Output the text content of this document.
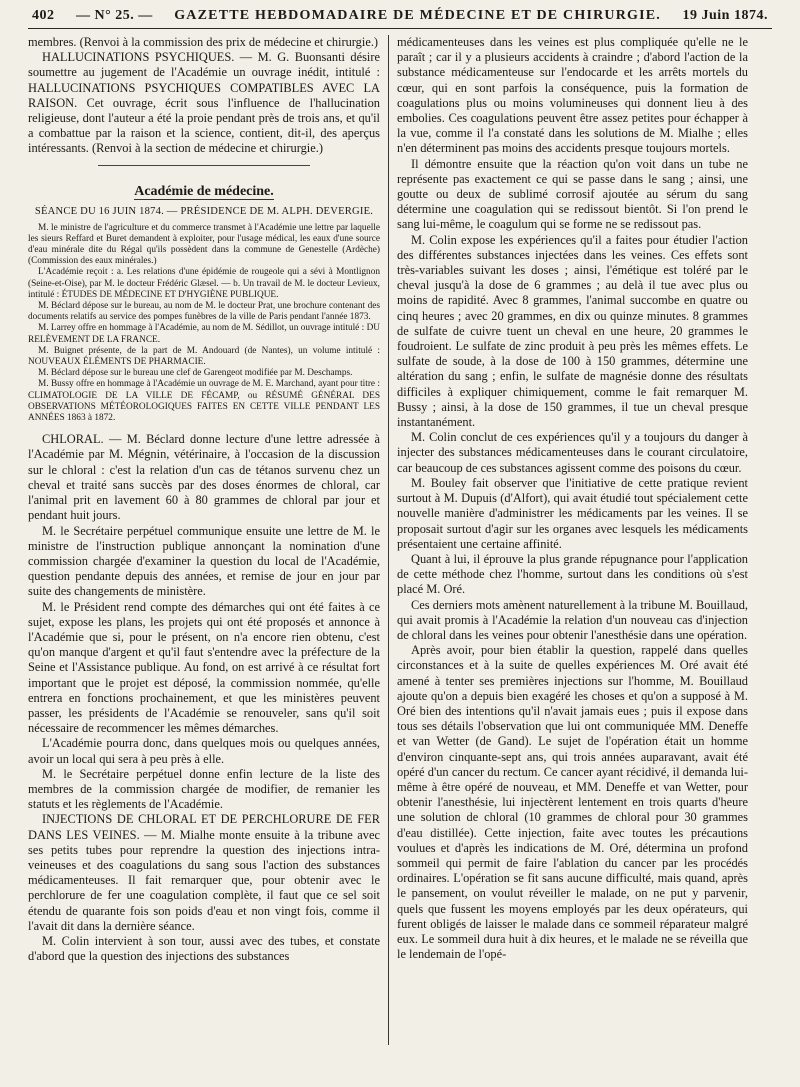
402 — N° 25. — GAZETTE HEBDOMADAIRE DE MÉDECINE ET DE CHIRURGIE. 19 Juin 1874.

membres. (Renvoi à la commission des prix de médecine et chirurgie.)

HALLUCINATIONS PSYCHIQUES. — M. G. Buonsanti désire soumettre au jugement de l'Académie un ouvrage inédit, intitulé : HALLUCINATIONS PSYCHIQUES COMPATIBLES AVEC LA RAISON. Cet ouvrage, écrit sous l'influence de l'hallucination religieuse, dont l'auteur a été la proie pendant près de trois ans, et qu'il a combattue par la raison et la science, contient, dit-il, des aperçus intéressants. (Renvoi à la section de médecine et chirurgie.)

Académie de médecine.
SÉANCE DU 16 JUIN 1874. — PRÉSIDENCE DE M. ALPH. DEVERGIE.

M. le ministre de l'agriculture et du commerce transmet à l'Académie une lettre par laquelle les sieurs Reffard et Buret demandent à exploiter, pour l'usage médical, les eaux d'une source d'eau minérale dite du Régal qu'ils possèdent dans la commune de Genestelle (Ardèche) (Commission des eaux minérales.)

L'Académie reçoit : a. Les relations d'une épidémie de rougeole qui a sévi à Montlignon (Seine-et-Oise), par M. le docteur Frédéric Glæsel. — b. Un travail de M. le docteur Levieux, intitulé : ÉTUDES DE MÉDECINE ET D'HYGIÈNE PUBLIQUE.

M. Béclard dépose sur le bureau, au nom de M. le docteur Prat, une brochure contenant des documents relatifs au service des pompes funèbres de la ville de Paris pendant l'année 1873.

M. Larrey offre en hommage à l'Académie, au nom de M. Sédillot, un ouvrage intitulé : DU RELÈVEMENT DE LA FRANCE.

M. Buignet présente, de la part de M. Andouard (de Nantes), un volume intitulé : NOUVEAUX ÉLÉMENTS DE PHARMACIE.

M. Béclard dépose sur le bureau une clef de Garengeot modifiée par M. Deschamps.

M. Bussy offre en hommage à l'Académie un ouvrage de M. E. Marchand, ayant pour titre : CLIMATOLOGIE DE LA VILLE DE FÉCAMP, ou RÉSUMÉ GÉNÉRAL DES OBSERVATIONS MÉTÉOROLOGIQUES FAITES EN CETTE VILLE PENDANT LES ANNÉES 1863 à 1872.

CHLORAL. — M. Béclard donne lecture d'une lettre adressée à l'Académie par M. Mégnin, vétérinaire, à l'occasion de la discussion sur le chloral : c'est la relation d'un cas de tétanos survenu chez un cheval et traité sans succès par des doses énormes de chloral, car l'animal prit en lavement 60 à 80 grammes de chloral par jour et pendant huit jours.

M. le Secrétaire perpétuel communique ensuite une lettre de M. le ministre de l'instruction publique annonçant la nomination d'une commission chargée d'examiner la question du local de l'Académie, question pendante depuis des années, et remise de jour en jour par suite des changements de ministère.

M. le Président rend compte des démarches qui ont été faites à ce sujet, expose les plans, les projets qui ont été proposés et annonce à l'Académie que si, pour le présent, on n'a encore rien obtenu, c'est qu'on manque d'argent et qu'il faut s'entendre avec la préfecture de la Seine et l'Assistance publique. Au fond, on est arrivé à ce résultat fort important que le projet est déposé, la commission nommée, qu'elle entrera en fonctions prochainement, et que les ministères peuvent passer, les présidents de l'Académie se renouveler, sans qu'il soit nécessaire de recommencer les mêmes démarches.

L'Académie pourra donc, dans quelques mois ou quelques années, avoir un local qui sera à peu près à elle.

M. le Secrétaire perpétuel donne enfin lecture de la liste des membres de la commission chargée de modifier, de remanier les statuts et les règlements de l'Académie.

INJECTIONS DE CHLORAL ET DE PERCHLORURE DE FER DANS LES VEINES. — M. Mialhe monte ensuite à la tribune avec ses petits tubes pour reprendre la question des injections intra-veineuses et des coagulations du sang sous l'action des substances médicamenteuses. Il fait remarquer que, pour obtenir avec le perchlorure de fer une coagulation complète, il faut que ce sel soit étendu de quarante fois son poids d'eau et non vingt fois, comme il l'avait dit dans la dernière séance.

M. Colin intervient à son tour, aussi avec des tubes, et constate d'abord que la question des injections des substances

médicamenteuses dans les veines est plus compliquée qu'elle ne le paraît ; car il y a plusieurs accidents à craindre ; d'abord l'action de la substance médicamenteuse sur l'endocarde et les arrêts mortels du cœur, qui en sont parfois la conséquence, puis la formation de coagulations plus ou moins volumineuses qui donnent lieu à des embolies. Ces coagulations peuvent être assez petites pour échapper à la vue, comme il l'a constaté dans les solutions de M. Mialhe ; elles n'en déterminent pas moins des accidents presque toujours mortels.

Il démontre ensuite que la réaction qu'on voit dans un tube ne représente pas exactement ce qui se passe dans le sang ; ainsi, une goutte ou deux de sublimé corrosif ajoutée au sérum du sang détermine une coagulation qui se redissout bientôt. Si l'on prend le sang lui-même, le coagulum qui se forme ne se redissout pas.

M. Colin expose les expériences qu'il a faites pour étudier l'action des différentes substances injectées dans les veines. Ces effets sont très-variables suivant les doses ; ainsi, l'émétique est toléré par le cheval jusqu'à la dose de 6 grammes ; au delà il tue avec plus ou moins de rapidité. Avec 8 grammes, l'animal succombe en quatre ou cinq heures ; avec 20 grammes, en dix ou quinze minutes. 8 grammes de sulfate de cuivre tuent un cheval en une heure, 20 grammes le foudroient. Le sulfate de zinc produit à peu près les mêmes effets. Le sulfate de soude, à la dose de 100 à 150 grammes, détermine une altération du sang ; enfin, le sulfate de magnésie donne des résultats difficiles à expliquer chimiquement, comme le fait remarquer M. Bussy ; ainsi, à la dose de 150 grammes, il tue un cheval presque instantanément.

M. Colin conclut de ces expériences qu'il y a toujours du danger à injecter des substances médicamenteuses dans le courant circulatoire, car beaucoup de ces substances agissent comme des poisons du cœur.

M. Bouley fait observer que l'initiative de cette pratique revient surtout à M. Dupuis (d'Alfort), qui avait étudié tout spécialement cette nouvelle manière d'administrer les médicaments par les veines. Il se proposait surtout d'agir sur les organes avec lesquels les médicaments présentaient une certaine affinité.

Quant à lui, il éprouve la plus grande répugnance pour l'application de cette méthode chez l'homme, surtout dans les conditions où s'est placé M. Oré.

Ces derniers mots amènent naturellement à la tribune M. Bouillaud, qui avait promis à l'Académie la relation d'un nouveau cas d'injection de chloral dans les veines pour obtenir l'anesthésie dans une opération.

Après avoir, pour bien établir la question, rappelé dans quelles circonstances et à la suite de quelles expériences M. Oré avait été amené à tenter ses premières injections sur l'homme, M. Bouillaud ajoute qu'on a depuis bien exagéré les choses et qu'on a supposé à M. Oré bien des intentions qu'il n'avait jamais eues ; puis il expose dans tous ses détails l'observation que lui ont communiquée MM. Deneffe et van Wetter (de Gand). Le sujet de l'opération était un homme d'environ cinquante-sept ans, qui trois années auparavant, avait été opéré d'un cancer du rectum. Ce cancer ayant récidivé, il demanda lui-même à être opéré de nouveau, et MM. Deneffe et van Wetter, pour obtenir l'anesthésie, lui injectèrent lentement en trois quarts d'heure une solution de chloral (10 grammes de chloral pour 30 grammes d'eau distillée). Cette injection, faite avec toutes les précautions voulues et d'après les indications de M. Oré, détermina un profond sommeil qui permit de faire l'ablation du cancer par les procédés ordinaires. L'opération se fit sans aucune difficulté, mais quand, après le pansement, on voulut réveiller le malade, on ne put y parvenir, quels que fussent les moyens employés par les deux opérateurs, qui furent obligés de laisser le malade dans ce sommeil réparateur malgré eux. Le sommeil dura huit à dix heures, et le malade ne se réveilla que le lendemain de l'opé-
